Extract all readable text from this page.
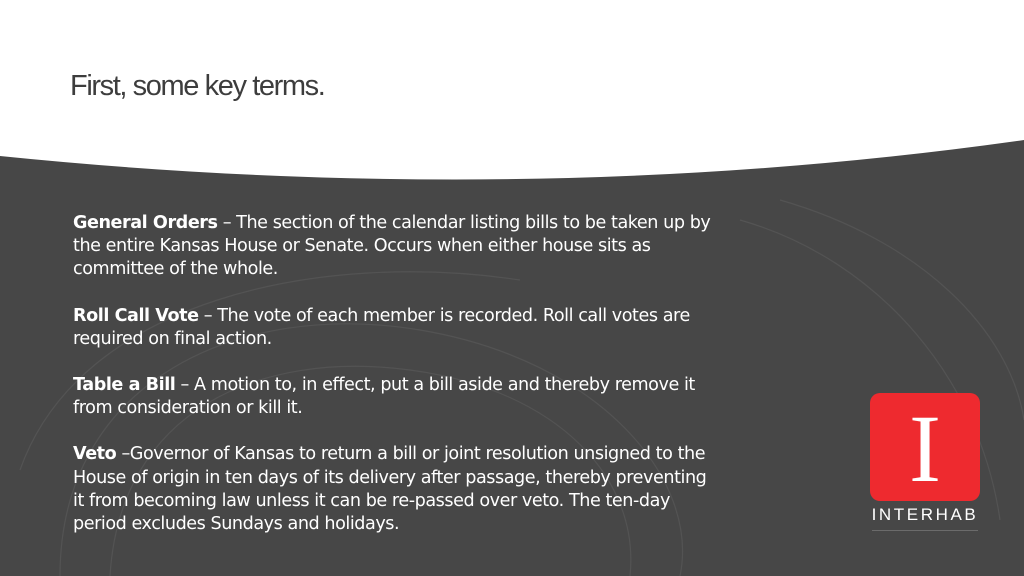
First, some key terms.

General Orders – The section of the calendar listing bills to be taken up by the entire Kansas House or Senate. Occurs when either house sits as committee of the whole.

Roll Call Vote – The vote of each member is recorded. Roll call votes are required on final action.

Table a Bill – A motion to, in effect, put a bill aside and thereby remove it from consideration or kill it.

Veto –Governor of Kansas to return a bill or joint resolution unsigned to the House of origin in ten days of its delivery after passage, thereby preventing it from becoming law unless it can be re-passed over veto. The ten-day period excludes Sundays and holidays.

I
INTERHAB
